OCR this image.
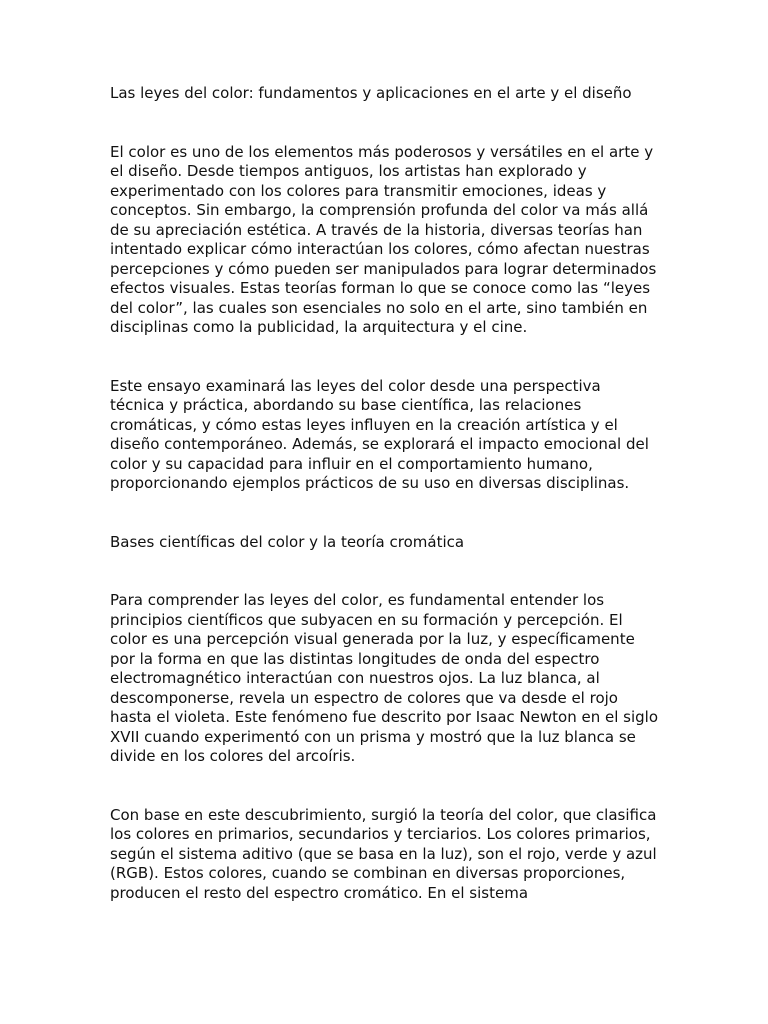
Las leyes del color: fundamentos y aplicaciones en el arte y el diseño

El color es uno de los elementos más poderosos y versátiles en el arte y el diseño. Desde tiempos antiguos, los artistas han explorado y experimentado con los colores para transmitir emociones, ideas y conceptos. Sin embargo, la comprensión profunda del color va más allá de su apreciación estética. A través de la historia, diversas teorías han intentado explicar cómo interactúan los colores, cómo afectan nuestras percepciones y cómo pueden ser manipulados para lograr determinados efectos visuales. Estas teorías forman lo que se conoce como las “leyes del color”, las cuales son esenciales no solo en el arte, sino también en disciplinas como la publicidad, la arquitectura y el cine.

Este ensayo examinará las leyes del color desde una perspectiva técnica y práctica, abordando su base científica, las relaciones cromáticas, y cómo estas leyes influyen en la creación artística y el diseño contemporáneo. Además, se explorará el impacto emocional del color y su capacidad para influir en el comportamiento humano, proporcionando ejemplos prácticos de su uso en diversas disciplinas.

Bases científicas del color y la teoría cromática

Para comprender las leyes del color, es fundamental entender los principios científicos que subyacen en su formación y percepción. El color es una percepción visual generada por la luz, y específicamente por la forma en que las distintas longitudes de onda del espectro electromagnético interactúan con nuestros ojos. La luz blanca, al descomponerse, revela un espectro de colores que va desde el rojo hasta el violeta. Este fenómeno fue descrito por Isaac Newton en el siglo XVII cuando experimentó con un prisma y mostró que la luz blanca se divide en los colores del arcoíris.

Con base en este descubrimiento, surgió la teoría del color, que clasifica los colores en primarios, secundarios y terciarios. Los colores primarios, según el sistema aditivo (que se basa en la luz), son el rojo, verde y azul (RGB). Estos colores, cuando se combinan en diversas proporciones, producen el resto del espectro cromático. En el sistema
